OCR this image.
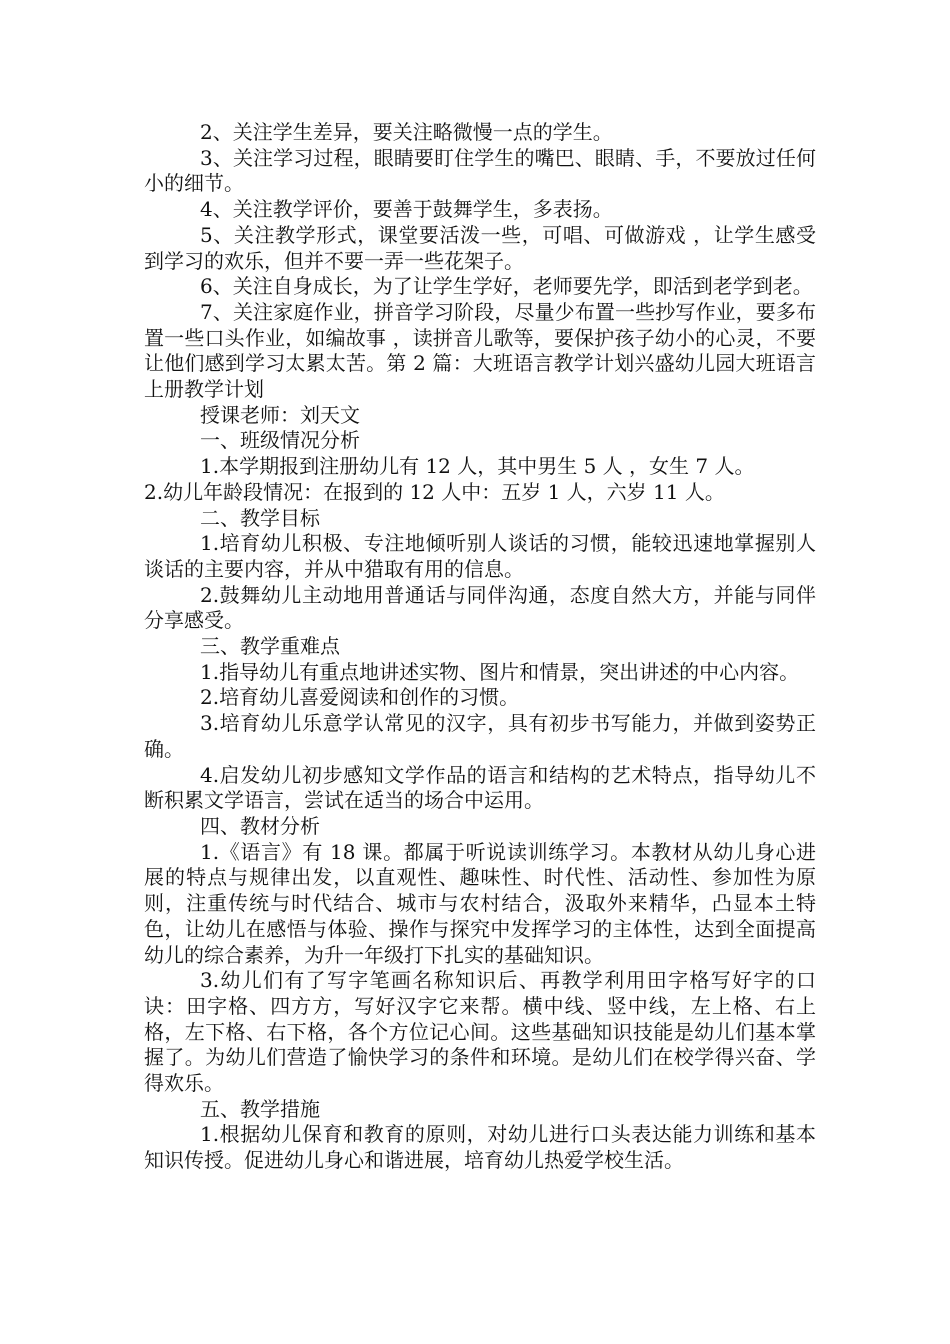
2、关注学生差异，要关注略微慢一点的学生。

3、关注学习过程，眼睛要盯住学生的嘴巴、眼睛、手，不要放过任何小的细节。

4、关注教学评价，要善于鼓舞学生，多表扬。

5、关注教学形式，课堂要活泼一些，可唱、可做游戏 ，让学生感受到学习的欢乐，但并不要一弄一些花架子。

6、关注自身成长，为了让学生学好，老师要先学，即活到老学到老。

7、关注家庭作业，拼音学习阶段，尽量少布置一些抄写作业，要多布置一些口头作业，如编故事 ，读拼音儿歌等，要保护孩子幼小的心灵，不要让他们感到学习太累太苦。第 2 篇：大班语言教学计划兴盛幼儿园大班语言上册教学计划

授课老师：刘天文

一、班级情况分析

1.本学期报到注册幼儿有 12 人，其中男生 5 人 ，女生 7 人。

2.幼儿年龄段情况：在报到的 12 人中：五岁 1 人，六岁 11 人。

二、教学目标

1.培育幼儿积极、专注地倾听别人谈话的习惯，能较迅速地掌握别人谈话的主要内容，并从中猎取有用的信息。

2.鼓舞幼儿主动地用普通话与同伴沟通，态度自然大方，并能与同伴分享感受。

三、教学重难点

1.指导幼儿有重点地讲述实物、图片和情景，突出讲述的中心内容。

2.培育幼儿喜爱阅读和创作的习惯。

3.培育幼儿乐意学认常见的汉字，具有初步书写能力，并做到姿势正确。

4.启发幼儿初步感知文学作品的语言和结构的艺术特点，指导幼儿不断积累文学语言，尝试在适当的场合中运用。

四、教材分析

1.《语言》有 18 课。都属于听说读训练学习。本教材从幼儿身心进展的特点与规律出发，以直观性、趣味性、时代性、活动性、参加性为原则，注重传统与时代结合、城市与农村结合，汲取外来精华，凸显本土特色，让幼儿在感悟与体验、操作与探究中发挥学习的主体性，达到全面提高幼儿的综合素养，为升一年级打下扎实的基础知识。

3.幼儿们有了写字笔画名称知识后、再教学利用田字格写好字的口诀：田字格、四方方，写好汉字它来帮。横中线、竖中线，左上格、右上格，左下格、右下格，各个方位记心间。这些基础知识技能是幼儿们基本掌握了。为幼儿们营造了愉快学习的条件和环境。是幼儿们在校学得兴奋、学得欢乐。

五、教学措施

1.根据幼儿保育和教育的原则，对幼儿进行口头表达能力训练和基本知识传授。促进幼儿身心和谐进展，培育幼儿热爱学校生活。
